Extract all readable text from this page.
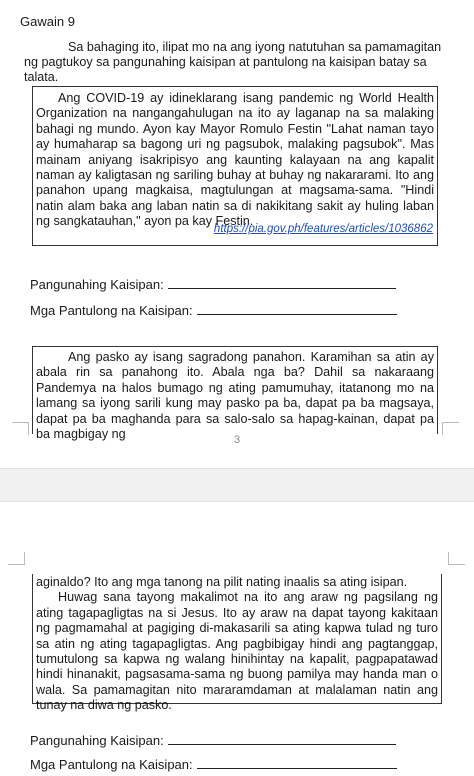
Gawain 9
Sa bahaging ito, ilipat mo na ang iyong natutuhan sa pamamagitan ng pagtukoy sa pangunahing kaisipan at pantulong na kaisipan batay sa talata.
Ang COVID-19 ay idineklarang isang pandemic ng World Health Organization na nangangahulugan na ito ay laganap na sa malaking bahagi ng mundo. Ayon kay Mayor Romulo Festin "Lahat naman tayo ay humaharap sa bagong uri ng pagsubok, malaking pagsubok". Mas mainam aniyang isakripisyo ang kaunting kalayaan na ang kapalit naman ay kaligtasan ng sariling buhay at buhay ng nakararami. Ito ang panahon upang magkaisa, magtulungan at magsama-sama. "Hindi natin alam baka ang laban natin sa di nakikitang sakit ay huling laban ng sangkatauhan," ayon pa kay Festin.
https://pia.gov.ph/features/articles/1036862
Pangunahing Kaisipan:
Mga Pantulong na Kaisipan:
Ang pasko ay isang sagradong panahon. Karamihan sa atin ay abala rin sa panahong ito. Abala nga ba? Dahil sa nakaraang Pandemya na halos bumago ng ating pamumuhay, itatanong mo na lamang sa iyong sarili kung may pasko pa ba, dapat pa ba magsaya, dapat pa ba maghanda para sa salo-salo sa hapag-kainan, dapat pa ba magbigay ng	3
aginaldo? Ito ang mga tanong na pilit nating inaalis sa ating isipan.
Huwag sana tayong makalimot na ito ang araw ng pagsilang ng ating tagapagligtas na si Jesus. Ito ay araw na dapat tayong kakitaan ng pagmamahal at pagiging di-makasarili sa ating kapwa tulad ng turo sa atin ng ating tagapagligtas. Ang pagbibigay hindi ang pagtanggap, tumutulong sa kapwa ng walang hinihintay na kapalit, pagpapatawad hindi hinanakit, pagsasama-sama ng buong pamilya may handa man o wala. Sa pamamagitan nito mararamdaman at malalaman natin ang tunay na diwa ng pasko.
Pangunahing Kaisipan:
Mga Pantulong na Kaisipan:
